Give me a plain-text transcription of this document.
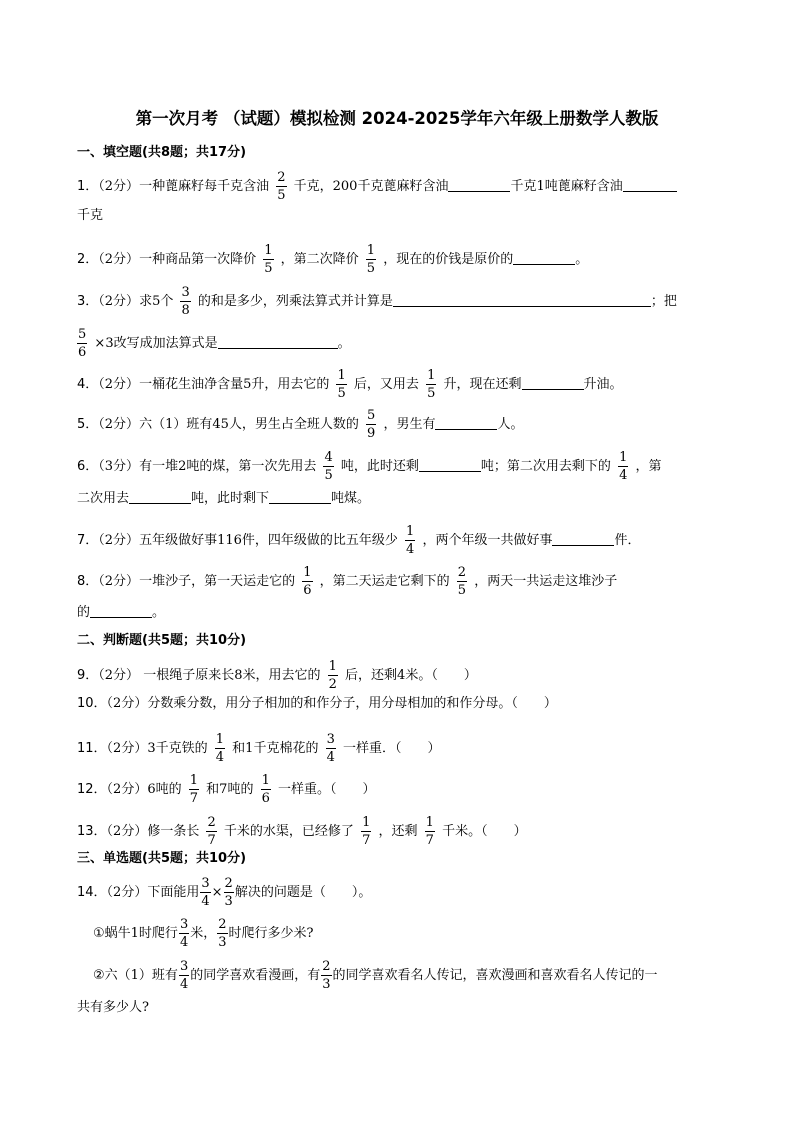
第一次月考 （试题）模拟检测 2024-2025学年六年级上册数学人教版
一、填空题(共8题；共17分)
1．（2分）一种蓖麻籽每千克含油 $\frac{2}{5}$ 千克，200千克蓖麻籽含油	千克1吨蓖麻籽含油
千克
2．（2分）一种商品第一次降价 $\frac{1}{5}$ ，第二次降价 $\frac{1}{5}$ ，现在的价钱是原价的	。
3．（2分）求5个 $\frac{3}{8}$ 的和是多少，列乘法算式并计算是	；把
$\frac{5}{6} \times 3$改写成加法算式是	。
4．（2分）一桶花生油净含量5升，用去它的 $\frac{1}{5}$ 后，又用去 $\frac{1}{5}$ 升，现在还剩	升油。
5．（2分）六（1）班有45人，男生占全班人数的 $\frac{5}{9}$ ，男生有	人。
6．（3分）有一堆2吨的煤，第一次先用去 $\frac{4}{5}$ 吨，此时还剩	吨；第二次用去剩下的 $\frac{1}{4}$ ，第
二次用去	吨，此时剩下	吨煤。
7．（2分）五年级做好事116件，四年级做的比五年级少 $\frac{1}{4}$ ，两个年级一共做好事	件．
8．（2分）一堆沙子，第一天运走它的 $\frac{1}{6}$ ，第二天运走它剩下的 $\frac{2}{5}$ ，两天一共运走这堆沙子
的	。
二、判断题(共5题；共10分)
9．（2分） 一根绳子原来长8米，用去它的 $\frac{1}{2}$ 后，还剩4米。（　　）
10．（2分）分数乘分数，用分子相加的和作分子，用分母相加的和作分母。（　　）
11．（2分）3千克铁的 $\frac{1}{4}$ 和1千克棉花的 $\frac{3}{4}$ 一样重．（　　）
12．（2分）6吨的 $\frac{1}{7}$ 和7吨的 $\frac{1}{6}$ 一样重。（　　）
13．（2分）修一条长 $\frac{2}{7}$ 千米的水渠，已经修了 $\frac{1}{7}$ ，还剩 $\frac{1}{7}$ 千米。（　　）
三、单选题(共5题；共10分)
14．（2分）下面能用 $\frac{3}{4} \times \frac{2}{3}$ 解决的问题是（　　）。
①蜗牛1时爬行 $\frac{3}{4}$ 米， $\frac{2}{3}$ 时爬行多少米?
②六（1）班有 $\frac{3}{4}$ 的同学喜欢看漫画，有 $\frac{2}{3}$ 的同学喜欢看名人传记，喜欢漫画和喜欢看名人传记的一
共有多少人?
